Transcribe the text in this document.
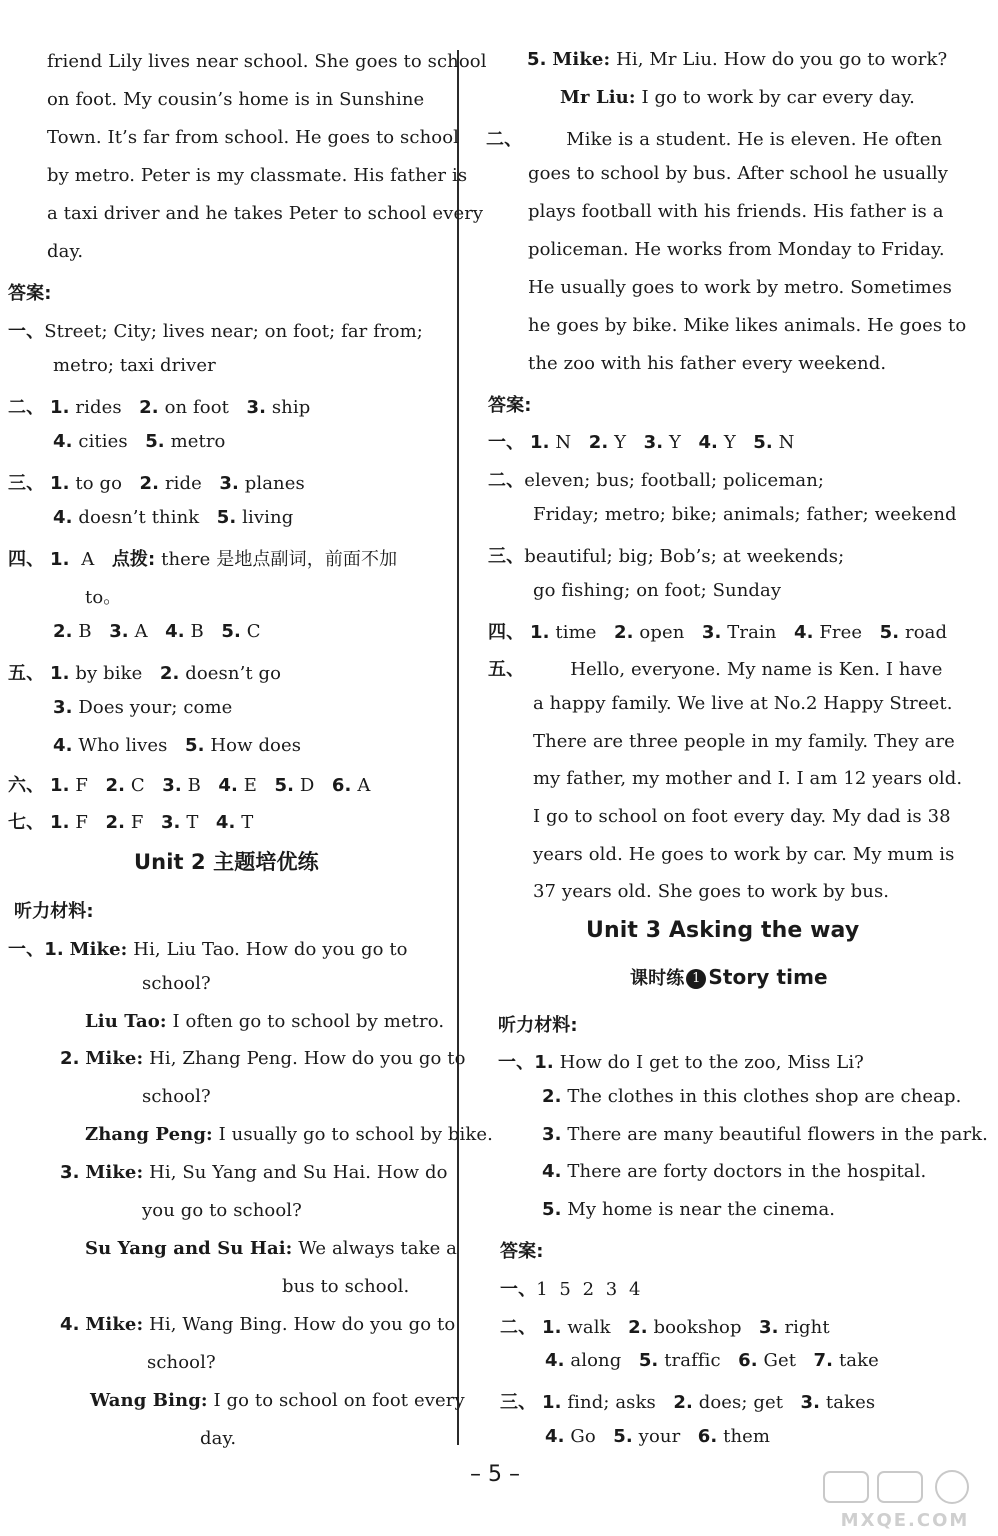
friend Lily lives near school. She goes to school
on foot. My cousin’s home is in Sunshine
Town. It’s far from school. He goes to school
by metro. Peter is my classmate. His father is
a taxi driver and he takes Peter to school every
day.
答案:
一、Street; City; lives near; on foot; far from;
metro; taxi driver
二、 1. rides 2. on foot 3. ship
4. cities 5. metro
三、 1. to go 2. ride 3. planes
4. doesn’t think 5. living
四、 1. A 点拨: there 是地点副词，前面不加
to。
2. B 3. A 4. B 5. C
五、 1. by bike 2. doesn’t go
3. Does your; come
4. Who lives 5. How does
六、 1. F 2. C 3. B 4. E 5. D 6. A
七、 1. F 2. F 3. T 4. T
Unit 2 主题培优练
听力材料:
一、1. Mike: Hi, Liu Tao. How do you go to
school?
Liu Tao: I often go to school by metro.
2. Mike: Hi, Zhang Peng. How do you go to
school?
Zhang Peng: I usually go to school by bike.
3. Mike: Hi, Su Yang and Su Hai. How do
you go to school?
Su Yang and Su Hai: We always take a
bus to school.
4. Mike: Hi, Wang Bing. How do you go to
school?
Wang Bing: I go to school on foot every
day.
5. Mike: Hi, Mr Liu. How do you go to work?
Mr Liu: I go to work by car every day.
二、 Mike is a student. He is eleven. He often
goes to school by bus. After school he usually
plays football with his friends. His father is a
policeman. He works from Monday to Friday.
He usually goes to work by metro. Sometimes
he goes by bike. Mike likes animals. He goes to
the zoo with his father every weekend.
答案:
一、 1. N 2. Y 3. Y 4. Y 5. N
二、eleven; bus; football; policeman;
Friday; metro; bike; animals; father; weekend
三、beautiful; big; Bob’s; at weekends;
go fishing; on foot; Sunday
四、 1. time 2. open 3. Train 4. Free 5. road
五、	Hello, everyone. My name is Ken. I have
a happy family. We live at No.2 Happy Street.
There are three people in my family. They are
my father, my mother and I. I am 12 years old.
I go to school on foot every day. My dad is 38
years old. He goes to work by car. My mum is
37 years old. She goes to work by bus.
Unit 3 Asking the way
课时练 1 Story time
听力材料:
一、1. How do I get to the zoo, Miss Li?
2. The clothes in this clothes shop are cheap.
3. There are many beautiful flowers in the park.
4. There are forty doctors in the hospital.
5. My home is near the cinema.
答案:
一、1  5  2  3  4
二、 1. walk 2. bookshop 3. right
4. along 5. traffic 6. Get 7. take
三、 1. find; asks 2. does; get 3. takes
4. Go 5. your 6. them
– 5 –
MXQE.COM
